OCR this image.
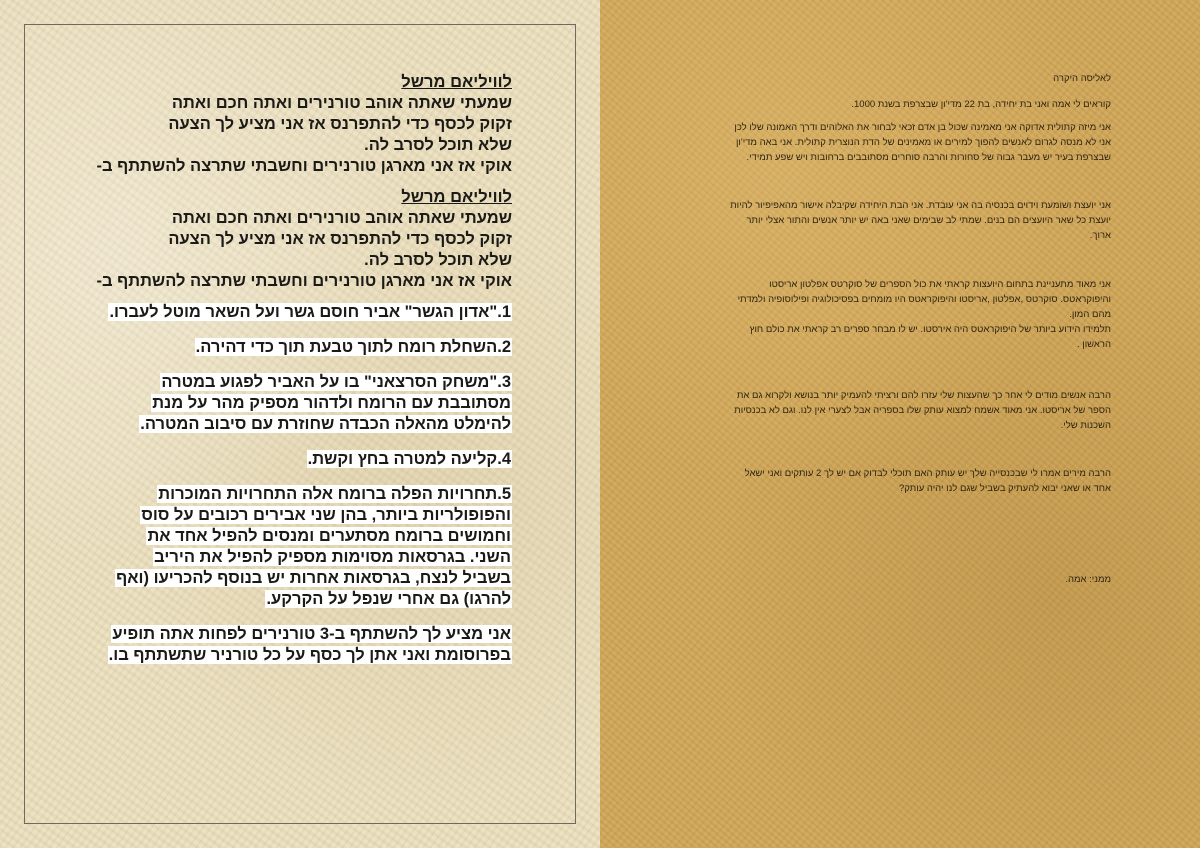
לוויליאם מרשל
שמעתי שאתה אוהב טורנירים ואתה חכם ואתה
זקוק לכסף כדי להתפרנס אז אני מציע לך הצעה
שלא תוכל לסרב לה.
אוקי אז אני מארגן טורנירים וחשבתי שתרצה להשתתף ב-
לוויליאם מרשל
שמעתי שאתה אוהב טורנירים ואתה חכם ואתה
זקוק לכסף כדי להתפרנס אז אני מציע לך הצעה
שלא תוכל לסרב לה.
אוקי אז אני מארגן טורנירים וחשבתי שתרצה להשתתף ב-
1."אדון הגשר" אביר חוסם גשר ועל השאר מוטל לעברו.
2.השחלת רומח לתוך טבעת תוך כדי דהירה.
3."משחק הסרצאני" בו על האביר לפגוע במטרה
מסתובבת עם הרומח ולדהור מספיק מהר על מנת
להימלט מהאלה הכבדה שחוזרת עם סיבוב המטרה.
4.קליעה למטרה בחץ וקשת.
5.תחרויות הפלה ברומח אלה התחרויות המוכרות
והפופולריות ביותר, בהן שני אבירים רכובים על סוס
וחמושים ברומח מסתערים ומנסים להפיל אחד את
השני. בגרסאות מסוימות מספיק להפיל את היריב
בשביל לנצח, בגרסאות אחרות יש בנוסף להכריעו (ואף
להרגו) גם אחרי שנפל על הקרקע.
אני מציע לך להשתתף ב-3 טורנירים לפחות אתה תופיע
בפרוסומת ואני אתן לך כסף על כל טורניר שתשתתף בו.
לאליסה היקרה
קוראים לי אמה ואני בת יחידה, בת 22 מדי'ון שבצרפת בשנת 1000.
אני מיזה קתולית אדוקה אני מאמינה שכול בן אדם זכאי לבחור את האלוהים ודרך האמונה שלו לכן
אני לא מנסה לגרום לאנשים להפוך למירים או מאמינים של הדת הנוצרית קתולית. אני באה מדי'ון
שבצרפת בעיר יש מעבר גבוה של סחורות והרבה סוחרים מסתובבים ברחובות ויש שפע תמידי.
אני יועצת ושומעת וידוים בכנסיה בה אני עובדת. אני הבת היחידה שקיבלה אישור מהאפיפיור להיות
יועצת כל שאר היועצים הם בנים. שמתי לב שבימים שאני באה יש יותר אנשים והתור אצלי יותר
ארוך.
אני מאוד מתעניינת בתחום היועצות קראתי את כול הספרים של סוקרטס אפלטון אריסטו
והיפוקראטס. סוקרטס ,אפלטון ,אריסטו והיפוקראטס היו מומחים בפסיכולוגיה ופילוסופיה ולמדתי
מהם המון.
תלמידו הידוע ביותר של היפוקראטס היה אירסטו. יש לו מבחר ספרים רב קראתי את כולם חוץ
הראשון .
הרבה אנשים מודים לי אחר כך שהעצות שלי עזרו להם ורציתי להעמיק יותר בנושא ולקרוא גם את
הספר של אריסטו. אני מאוד אשמח למצוא עותק שלו בספריה אבל לצערי אין לנו. וגם לא בכנסיות
השכנות שלי.
הרבה מירים אמרו לי שבכנסייה שלך יש עותק האם תוכלי לבדוק אם יש לך 2 עותקים ואני ישאל
אחד או שאני יבוא להעתיק בשביל שגם לנו יהיה עותק?
ממני: אמה.
